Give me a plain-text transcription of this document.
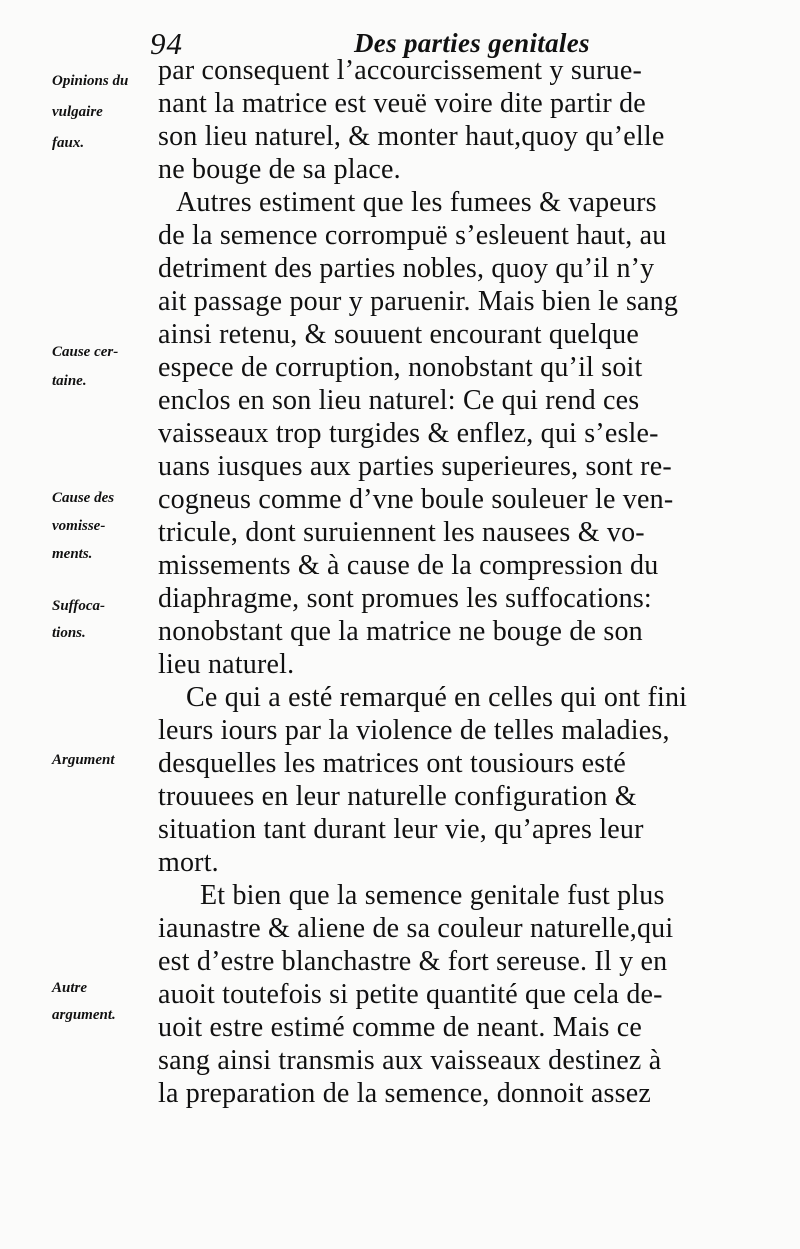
94	Des parties genitales
Opinions du
vulgaire
faux.
Cause cer-
taine.
Cause des
vomisse-
ments.
Suffoca-
tions.
Argument
Autre
argument.
par consequent l’accourcissement y surue-
nant la matrice est veuë voire dite partir de
son lieu naturel, & monter haut,quoy qu’elle
ne bouge de sa place.
Autres estiment que les fumees & vapeurs
de la semence corrompuë s’esleuent haut, au
detriment des parties nobles, quoy qu’il n’y
ait passage pour y paruenir. Mais bien le sang
ainsi retenu, & souuent encourant quelque
espece de corruption, nonobstant qu’il soit
enclos en son lieu naturel: Ce qui rend ces
vaisseaux trop turgides & enflez, qui s’esle-
uans iusques aux parties superieures, sont re-
cogneus comme d’vne boule souleuer le ven-
tricule, dont suruiennent les nausees & vo-
missements & à cause de la compression du
diaphragme, sont promues les suffocations:
nonobstant que la matrice ne bouge de son
lieu naturel.
Ce qui a esté remarqué en celles qui ont fini
leurs iours par la violence de telles maladies,
desquelles les matrices ont tousiours esté
trouuees en leur naturelle configuration &
situation tant durant leur vie, qu’apres leur
mort.
Et bien que la semence genitale fust plus
iaunastre & aliene de sa couleur naturelle,qui
est d’estre blanchastre & fort sereuse. Il y en
auoit toutefois si petite quantité que cela de-
uoit estre estimé comme de neant. Mais ce
sang ainsi transmis aux vaisseaux destinez à
la preparation de la semence, donnoit assez
